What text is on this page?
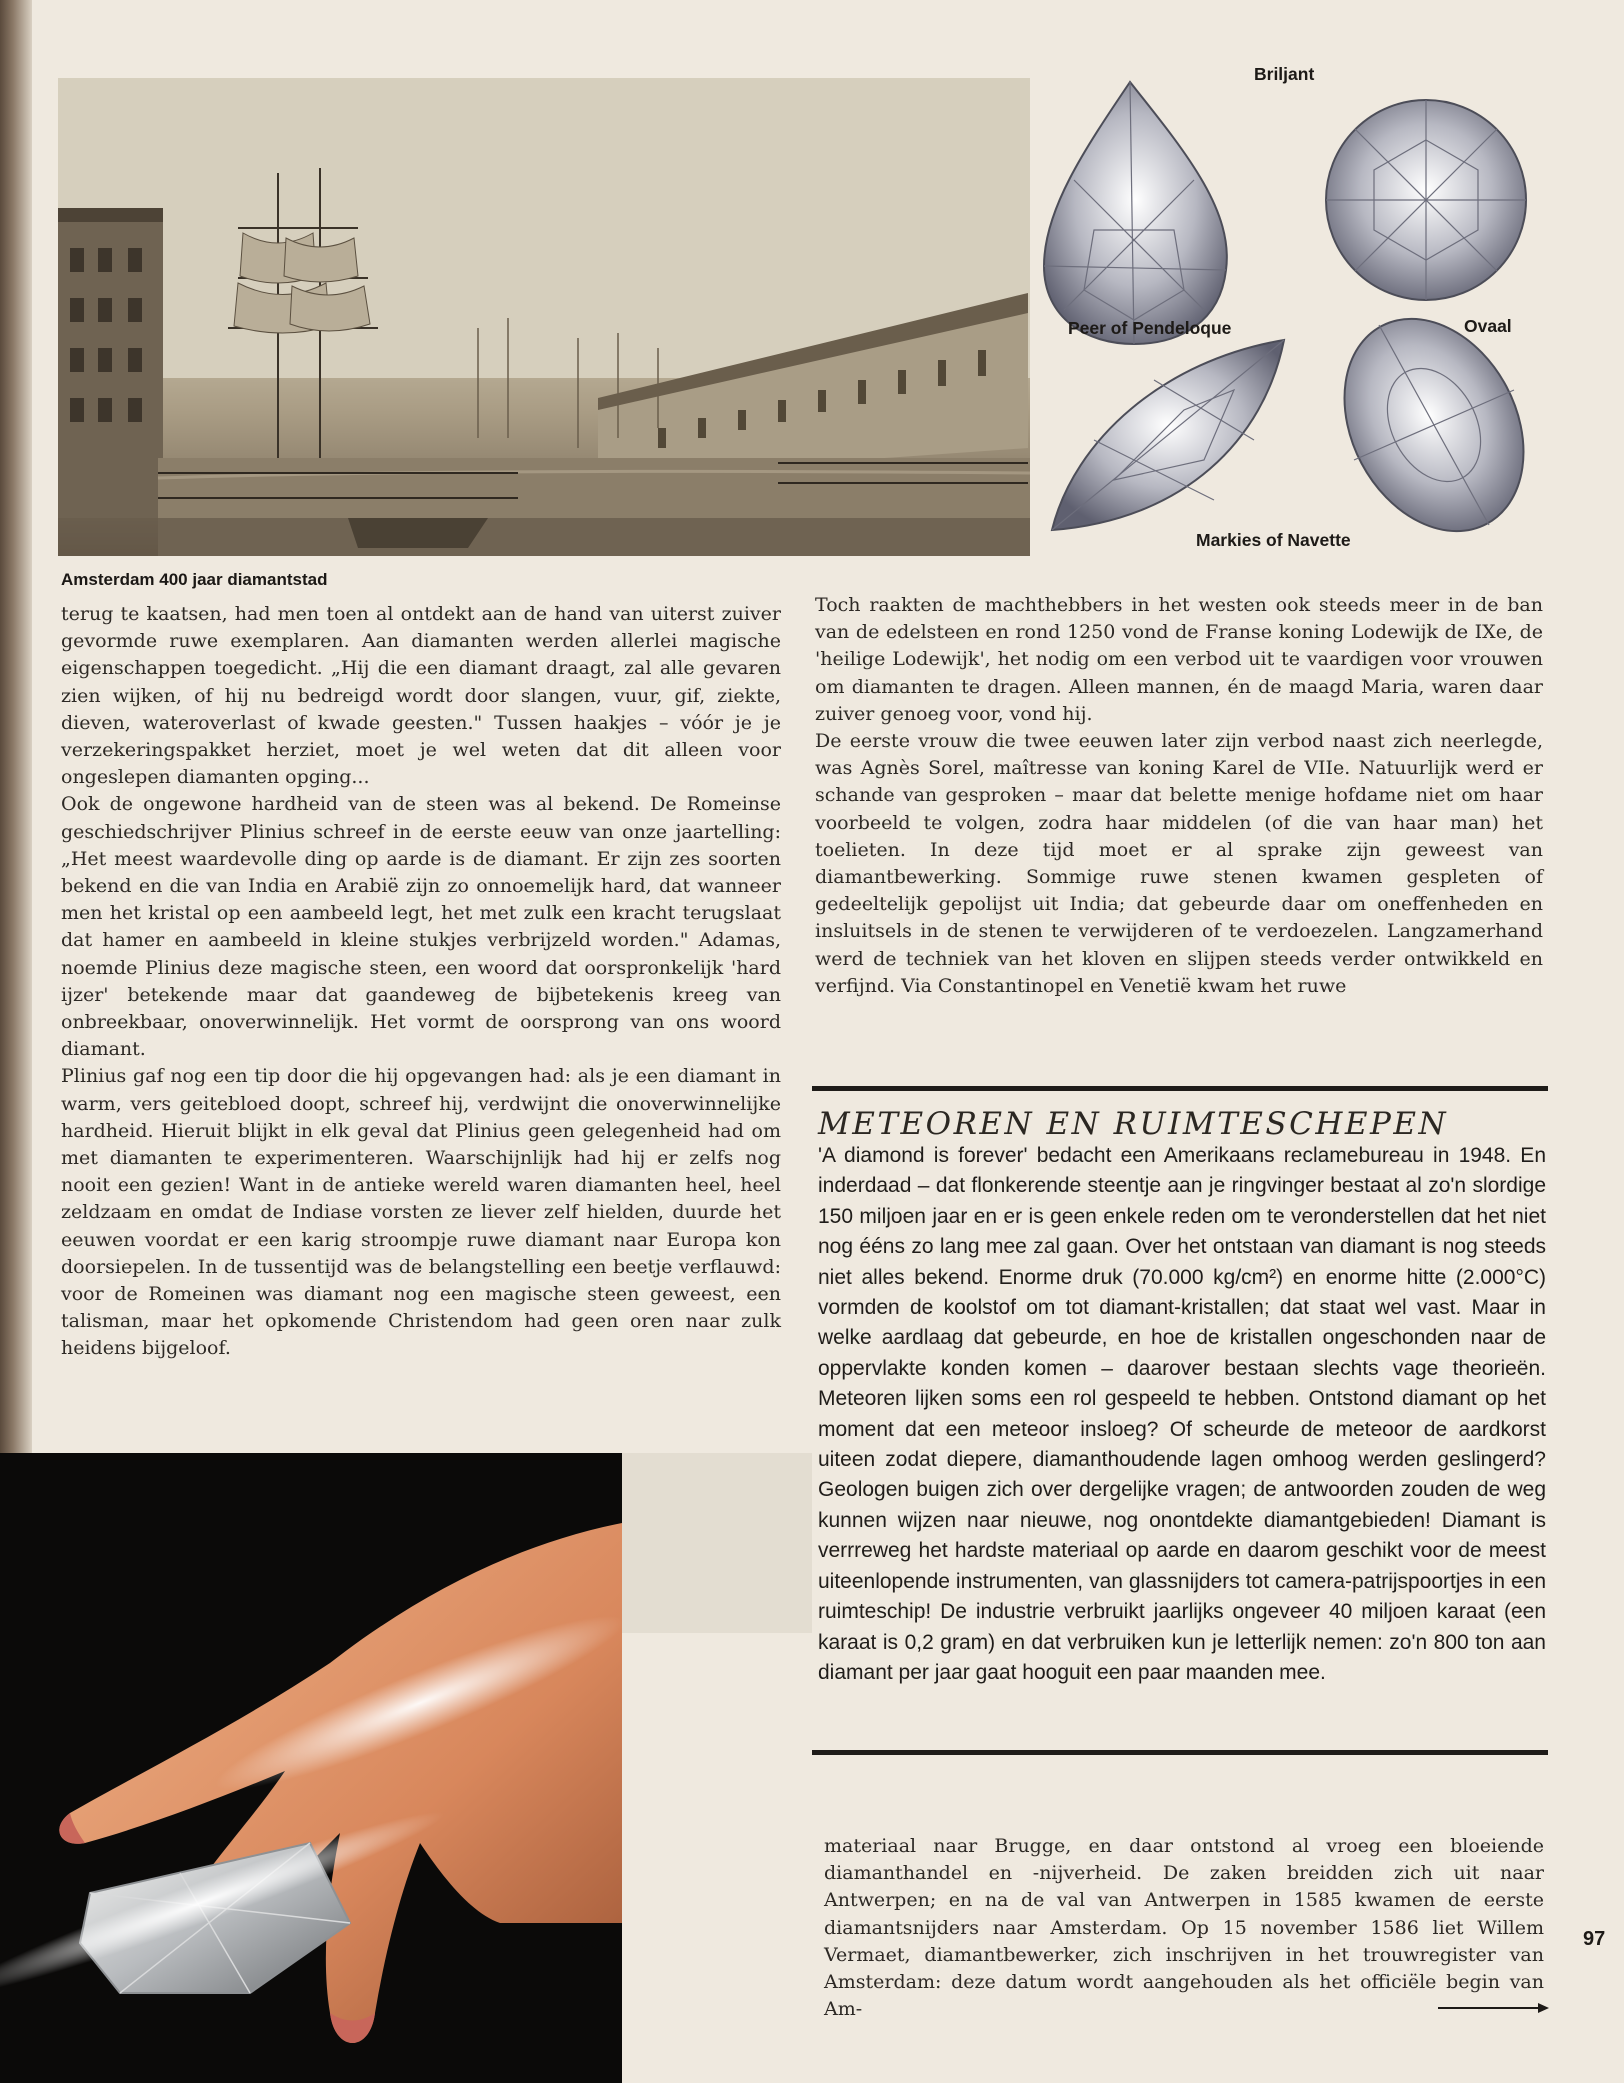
Amsterdam 400 jaar diamantstad
Briljant
Peer of Pendeloque	Ovaal
Markies of Navette

terug te kaatsen, had men toen al ontdekt aan de hand van uiterst zuiver gevormde ruwe exemplaren. Aan diamanten werden allerlei magische eigenschappen toegedicht. „Hij die een diamant draagt, zal alle gevaren zien wijken, of hij nu bedreigd wordt door slangen, vuur, gif, ziekte, dieven, wateroverlast of kwade geesten." Tussen haakjes – vóór je je verzekeringspakket herziet, moet je wel weten dat dit alleen voor ongeslepen diamanten opging...

Ook de ongewone hardheid van de steen was al bekend. De Romeinse geschiedschrijver Plinius schreef in de eerste eeuw van onze jaartelling: „Het meest waardevolle ding op aarde is de diamant. Er zijn zes soorten bekend en die van India en Arabië zijn zo onnoemelijk hard, dat wanneer men het kristal op een aambeeld legt, het met zulk een kracht terugslaat dat hamer en aambeeld in kleine stukjes verbrijzeld worden." Adamas, noemde Plinius deze magische steen, een woord dat oorspronkelijk 'hard ijzer' betekende maar dat gaandeweg de bijbetekenis kreeg van onbreekbaar, onoverwinnelijk. Het vormt de oorsprong van ons woord diamant.

Plinius gaf nog een tip door die hij opgevangen had: als je een diamant in warm, vers geitebloed doopt, schreef hij, verdwijnt die onoverwinnelijke hardheid. Hieruit blijkt in elk geval dat Plinius geen gelegenheid had om met diamanten te experimenteren. Waarschijnlijk had hij er zelfs nog nooit een gezien! Want in de antieke wereld waren diamanten heel, heel zeldzaam en omdat de Indiase vorsten ze liever zelf hielden, duurde het eeuwen voordat er een karig stroompje ruwe diamant naar Europa kon doorsiepelen. In de tussentijd was de belangstelling een beetje verflauwd: voor de Romeinen was diamant nog een magische steen geweest, een talisman, maar het opkomende Christendom had geen oren naar zulk heidens bijgeloof.

Toch raakten de machthebbers in het westen ook steeds meer in de ban van de edelsteen en rond 1250 vond de Franse koning Lodewijk de IXe, de 'heilige Lodewijk', het nodig om een verbod uit te vaardigen voor vrouwen om diamanten te dragen. Alleen mannen, én de maagd Maria, waren daar zuiver genoeg voor, vond hij.

De eerste vrouw die twee eeuwen later zijn verbod naast zich neerlegde, was Agnès Sorel, maîtresse van koning Karel de VIIe. Natuurlijk werd er schande van gesproken – maar dat belette menige hofdame niet om haar voorbeeld te volgen, zodra haar middelen (of die van haar man) het toelieten. In deze tijd moet er al sprake zijn geweest van diamantbewerking. Sommige ruwe stenen kwamen gespleten of gedeeltelijk gepolijst uit India; dat gebeurde daar om oneffenheden en insluitsels in de stenen te verwijderen of te verdoezelen. Langzamerhand werd de techniek van het kloven en slijpen steeds verder ontwikkeld en verfijnd. Via Constantinopel en Venetië kwam het ruwe

METEOREN EN RUIMTESCHEPEN
'A diamond is forever' bedacht een Amerikaans reclamebureau in 1948. En inderdaad – dat flonkerende steentje aan je ringvinger bestaat al zo'n slordige 150 miljoen jaar en er is geen enkele reden om te veronderstellen dat het niet nog ééns zo lang mee zal gaan. Over het ontstaan van diamant is nog steeds niet alles bekend. Enorme druk (70.000 kg/cm²) en enorme hitte (2.000°C) vormden de koolstof om tot diamant-kristallen; dat staat wel vast. Maar in welke aardlaag dat gebeurde, en hoe de kristallen ongeschonden naar de oppervlakte konden komen – daarover bestaan slechts vage theorieën. Meteoren lijken soms een rol gespeeld te hebben. Ontstond diamant op het moment dat een meteoor insloeg? Of scheurde de meteoor de aardkorst uiteen zodat diepere, diamanthoudende lagen omhoog werden geslingerd? Geologen buigen zich over dergelijke vragen; de antwoorden zouden de weg kunnen wijzen naar nieuwe, nog onontdekte diamantgebieden! Diamant is verrreweg het hardste materiaal op aarde en daarom geschikt voor de meest uiteenlopende instrumenten, van glassnijders tot camera-patrijspoortjes in een ruimteschip! De industrie verbruikt jaarlijks ongeveer 40 miljoen karaat (een karaat is 0,2 gram) en dat verbruiken kun je letterlijk nemen: zo'n 800 ton aan diamant per jaar gaat hooguit een paar maanden mee.

materiaal naar Brugge, en daar ontstond al vroeg een bloeiende diamanthandel en -nijverheid. De zaken breidden zich uit naar Antwerpen; en na de val van Antwerpen in 1585 kwamen de eerste diamantsnijders naar Amsterdam. Op 15 november 1586 liet Willem Vermaet, diamantbewerker, zich inschrijven in het trouwregister van Amsterdam: deze datum wordt aangehouden als het officiële begin van Am-

97
